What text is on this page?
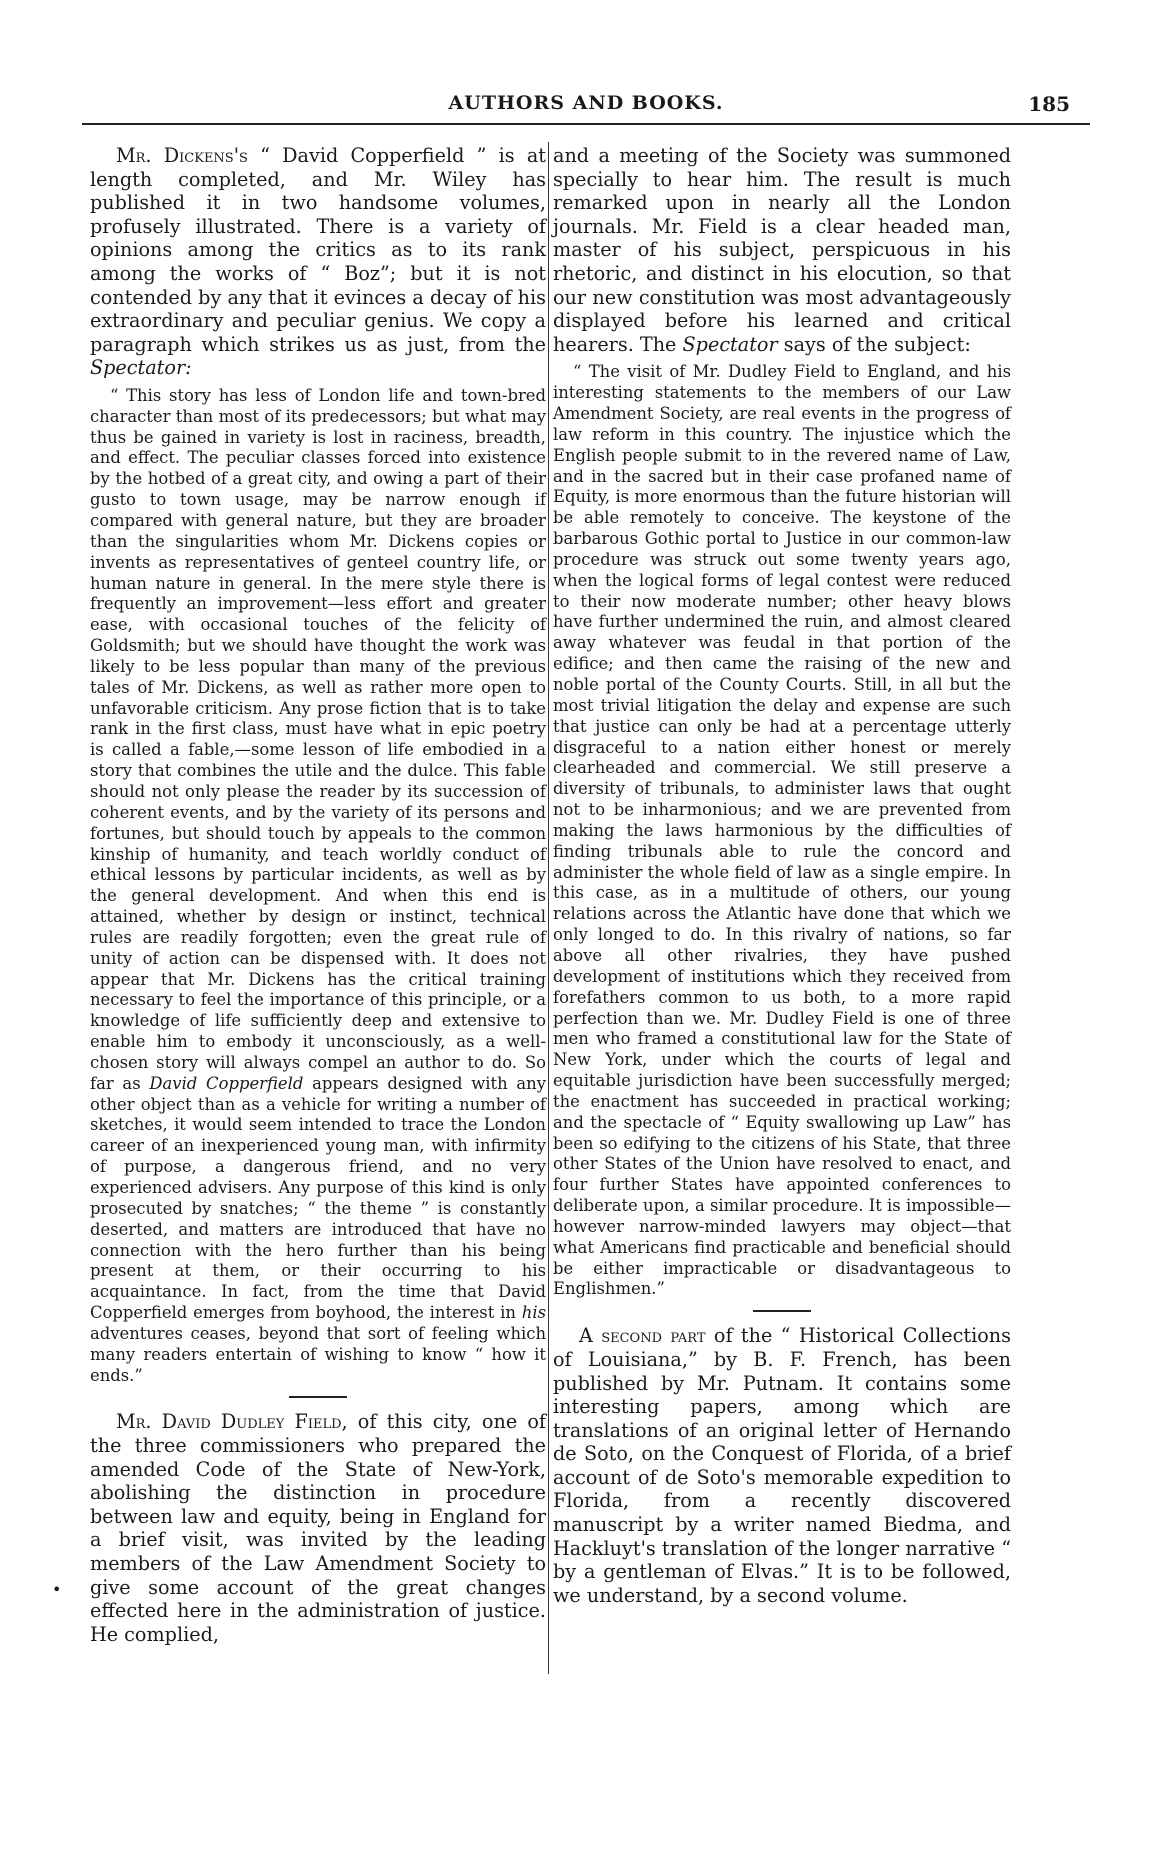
AUTHORS AND BOOKS.	185
•

Mr. Dickens's “ David Copperfield ” is at length completed, and Mr. Wiley has published it in two handsome volumes, profusely illustrated. There is a variety of opinions among the critics as to its rank among the works of “ Boz”; but it is not contended by any that it evinces a decay of his extraordinary and peculiar genius. We copy a paragraph which strikes us as just, from the Spectator:

“ This story has less of London life and town-bred character than most of its predecessors; but what may thus be gained in variety is lost in raciness, breadth, and effect. The peculiar classes forced into existence by the hotbed of a great city, and owing a part of their gusto to town usage, may be narrow enough if compared with general nature, but they are broader than the singularities whom Mr. Dickens copies or invents as representatives of genteel country life, or human nature in general. In the mere style there is frequently an improvement—less effort and greater ease, with occasional touches of the felicity of Goldsmith; but we should have thought the work was likely to be less popular than many of the previous tales of Mr. Dickens, as well as rather more open to unfavorable criticism. Any prose fiction that is to take rank in the first class, must have what in epic poetry is called a fable,—some lesson of life embodied in a story that combines the utile and the dulce. This fable should not only please the reader by its succession of coherent events, and by the variety of its persons and fortunes, but should touch by appeals to the common kinship of humanity, and teach worldly conduct of ethical lessons by particular incidents, as well as by the general development. And when this end is attained, whether by design or instinct, technical rules are readily forgotten; even the great rule of unity of action can be dispensed with. It does not appear that Mr. Dickens has the critical training necessary to feel the importance of this principle, or a knowledge of life sufficiently deep and extensive to enable him to embody it unconsciously, as a well-chosen story will always compel an author to do. So far as David Copperfield appears designed with any other object than as a vehicle for writing a number of sketches, it would seem intended to trace the London career of an inexperienced young man, with infirmity of purpose, a dangerous friend, and no very experienced advisers. Any purpose of this kind is only prosecuted by snatches; “ the theme ” is constantly deserted, and matters are introduced that have no connection with the hero further than his being present at them, or their occurring to his acquaintance. In fact, from the time that David Copperfield emerges from boyhood, the interest in his adventures ceases, beyond that sort of feeling which many readers entertain of wishing to know “ how it ends.”

Mr. David Dudley Field, of this city, one of the three commissioners who prepared the amended Code of the State of New-York, abolishing the distinction in procedure between law and equity, being in England for a brief visit, was invited by the leading members of the Law Amendment Society to give some account of the great changes effected here in the administration of justice. He complied,

and a meeting of the Society was summoned specially to hear him. The result is much remarked upon in nearly all the London journals. Mr. Field is a clear headed man, master of his subject, perspicuous in his rhetoric, and distinct in his elocution, so that our new constitution was most advantageously displayed before his learned and critical hearers. The Spectator says of the subject:

“ The visit of Mr. Dudley Field to England, and his interesting statements to the members of our Law Amendment Society, are real events in the progress of law reform in this country. The injustice which the English people submit to in the revered name of Law, and in the sacred but in their case profaned name of Equity, is more enormous than the future historian will be able remotely to conceive. The keystone of the barbarous Gothic portal to Justice in our common-law procedure was struck out some twenty years ago, when the logical forms of legal contest were reduced to their now moderate number; other heavy blows have further undermined the ruin, and almost cleared away whatever was feudal in that portion of the edifice; and then came the raising of the new and noble portal of the County Courts. Still, in all but the most trivial litigation the delay and expense are such that justice can only be had at a percentage utterly disgraceful to a nation either honest or merely clearheaded and commercial. We still preserve a diversity of tribunals, to administer laws that ought not to be inharmonious; and we are prevented from making the laws harmonious by the difficulties of finding tribunals able to rule the concord and administer the whole field of law as a single empire. In this case, as in a multitude of others, our young relations across the Atlantic have done that which we only longed to do. In this rivalry of nations, so far above all other rivalries, they have pushed development of institutions which they received from forefathers common to us both, to a more rapid perfection than we. Mr. Dudley Field is one of three men who framed a constitutional law for the State of New York, under which the courts of legal and equitable jurisdiction have been successfully merged; the enactment has succeeded in practical working; and the spectacle of “ Equity swallowing up Law” has been so edifying to the citizens of his State, that three other States of the Union have resolved to enact, and four further States have appointed conferences to deliberate upon, a similar procedure. It is impossible—however narrow-minded lawyers may object—that what Americans find practicable and beneficial should be either impracticable or disadvantageous to Englishmen.”

A second part of the “ Historical Collections of Louisiana,” by B. F. French, has been published by Mr. Putnam. It contains some interesting papers, among which are translations of an original letter of Hernando de Soto, on the Conquest of Florida, of a brief account of de Soto's memorable expedition to Florida, from a recently discovered manuscript by a writer named Biedma, and Hackluyt's translation of the longer narrative “ by a gentleman of Elvas.” It is to be followed, we understand, by a second volume.
